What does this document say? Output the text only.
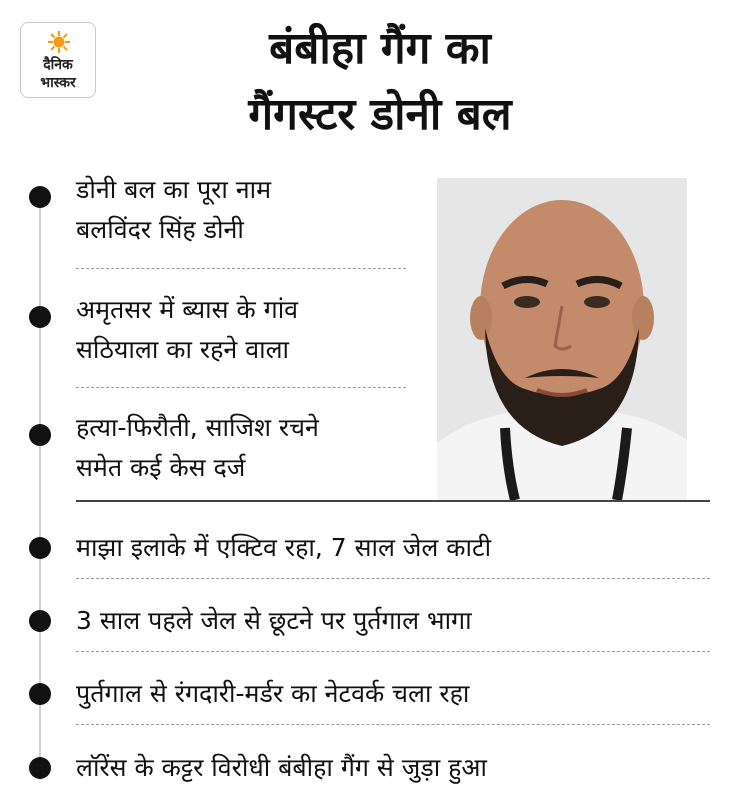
दैनिक
भास्कर
बंबीहा गैंग का
गैंगस्टर डोनी बल
डोनी बल का पूरा नाम
बलविंदर सिंह डोनी
अमृतसर में ब्यास के गांव
सठियाला का रहने वाला
हत्या-फिरौती, साजिश रचने
समेत कई केस दर्ज
माझा इलाके में एक्टिव रहा, 7 साल जेल काटी
3 साल पहले जेल से छूटने पर पुर्तगाल भागा
पुर्तगाल से रंगदारी-मर्डर का नेटवर्क चला रहा
लॉरेंस के कट्टर विरोधी बंबीहा गैंग से जुड़ा हुआ
